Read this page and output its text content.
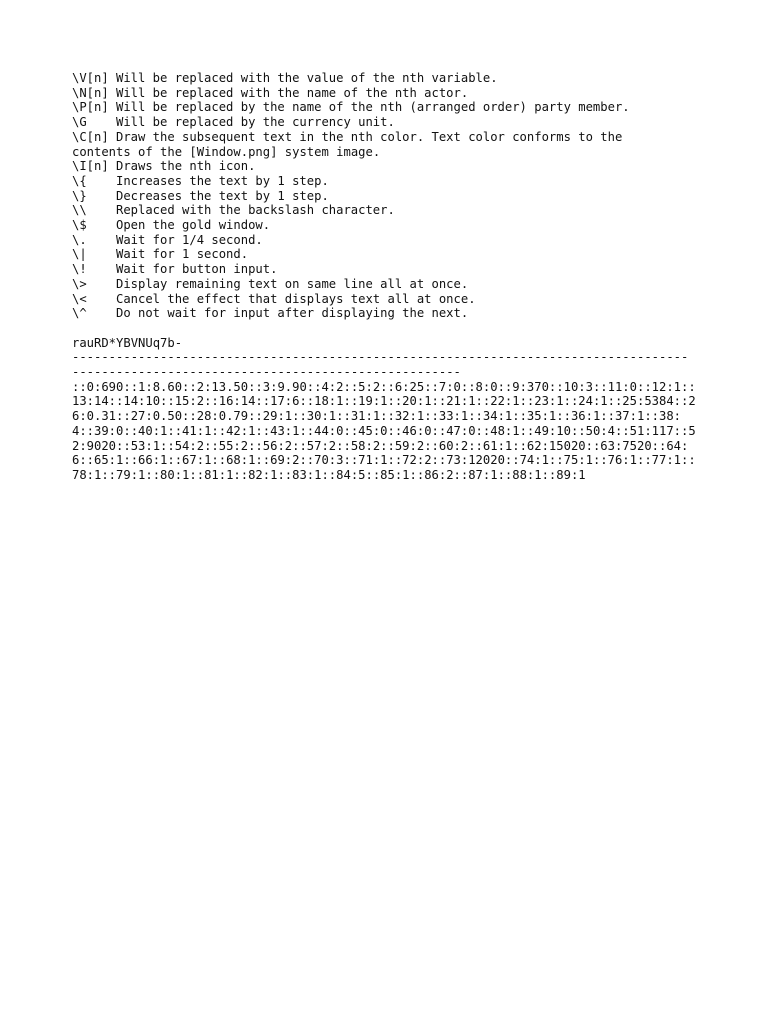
\V[n] Will be replaced with the value of the nth variable.
\N[n] Will be replaced with the name of the nth actor.
\P[n] Will be replaced by the name of the nth (arranged order) party member.
\G	Will be replaced by the currency unit.
\C[n] Draw the subsequent text in the nth color. Text color conforms to the
contents of the [Window.png] system image.
\I[n] Draws the nth icon.
\{	Increases the text by 1 step.
\}	Decreases the text by 1 step.
\\	Replaced with the backslash character.
\$	Open the gold window.
\.	Wait for 1/4 second.
\|	Wait for 1 second.
\!	Wait for button input.
\>	Display remaining text on same line all at once.
\<	Cancel the effect that displays text all at once.
\^	Do not wait for input after displaying the next.
rauRD*YBVNUq7b-
------------------------------------------------------------------------------------
-----------------------------------------------------
::0:690::1:8.60::2:13.50::3:9.90::4:2::5:2::6:25::7:0::8:0::9:370::10:3::11:0::12:1::13:14::14:10::15:2::16:14::17:6::18:1::19:1::20:1::21:1::22:1::23:1::24:1::25:5384::26:0.31::27:0.50::28:0.79::29:1::30:1::31:1::32:1::33:1::34:1::35:1::36:1::37:1::38:4::39:0::40:1::41:1::42:1::43:1::44:0::45:0::46:0::47:0::48:1::49:10::50:4::51:117::52:9020::53:1::54:2::55:2::56:2::57:2::58:2::59:2::60:2::61:1::62:15020::63:7520::64:6::65:1::66:1::67:1::68:1::69:2::70:3::71:1::72:2::73:12020::74:1::75:1::76:1::77:1::78:1::79:1::80:1::81:1::82:1::83:1::84:5::85:1::86:2::87:1::88:1::89:1
